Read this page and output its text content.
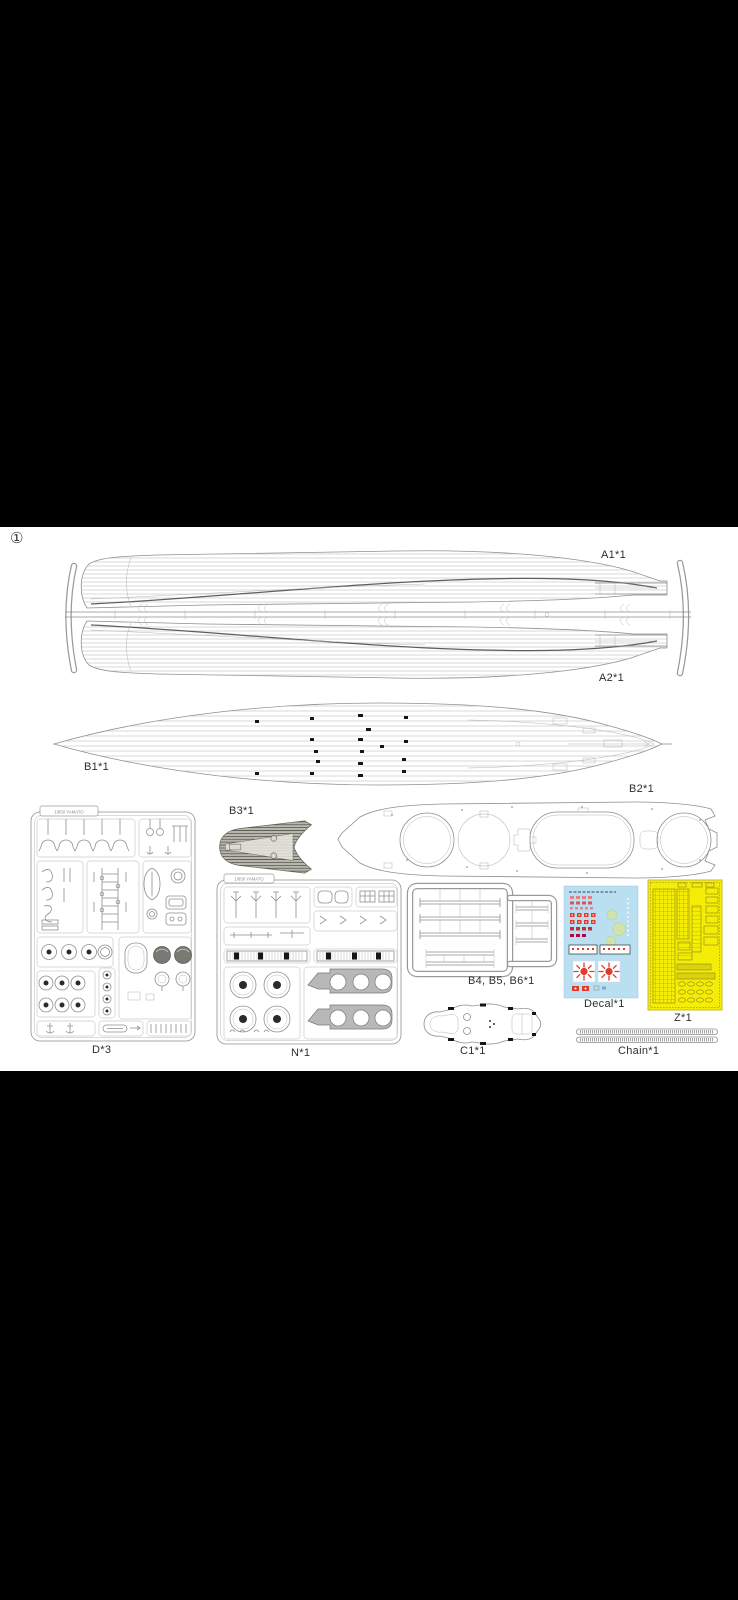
①
A1*1
A2*1
B1*1
B2*1
B3*1
1/850 YAMATO
D*3
1/850 YAMATO
N*1
B4, B5, B6*1
C1*1
Decal*1
Z*1
Chain*1
